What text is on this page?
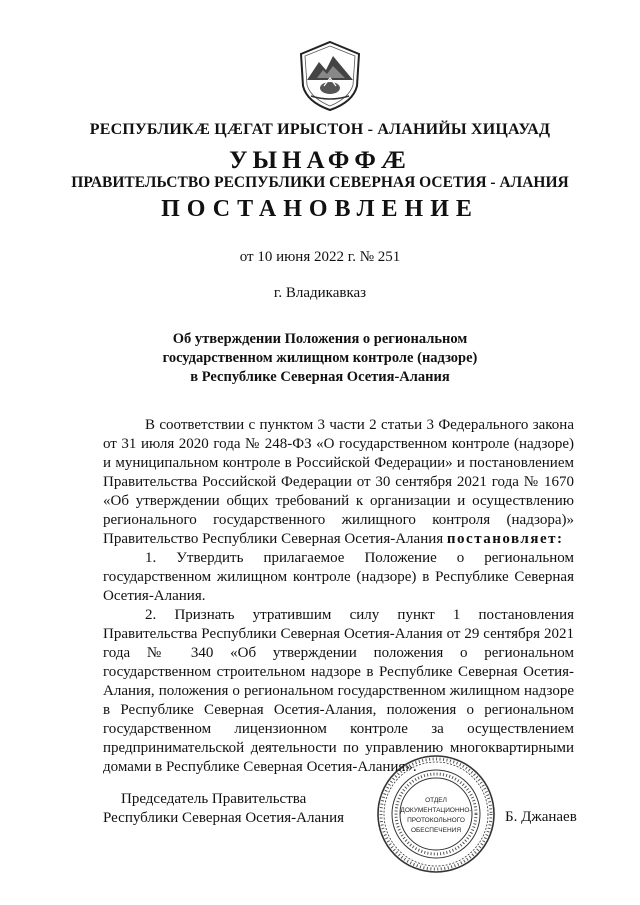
РЕСПУБЛИКӔ ЦӔГАТ ИРЫСТОН - АЛАНИЙЫ ХИЦАУАД
УЫНАФФӔ
ПРАВИТЕЛЬСТВО РЕСПУБЛИКИ СЕВЕРНАЯ ОСЕТИЯ - АЛАНИЯ
ПОСТАНОВЛЕНИЕ
от 10 июня 2022 г. № 251
г. Владикавказ
Об утверждении Положения о региональном
государственном жилищном контроле (надзоре)
в Республике Северная Осетия-Алания

В соответствии с пунктом 3 части 2 статьи 3 Федерального закона от 31 июля 2020 года № 248-ФЗ «О государственном контроле (надзоре) и муниципальном контроле в Российской Федерации» и постановлением Правительства Российской Федерации от 30 сентября 2021 года № 1670 «Об утверждении общих требований к организации и осуществлению регионального государственного жилищного контроля (надзора)» Правительство Республики Северная Осетия-Алания постановляет:

1. Утвердить прилагаемое Положение о региональном государственном жилищном контроле (надзоре) в Республике Северная Осетия-Алания.

2. Признать утратившим силу пункт 1 постановления Правительства Республики Северная Осетия-Алания от 29 сентября 2021 года № 340 «Об утверждении положения о региональном государственном строительном надзоре в Республике Северная Осетия-Алания, положения о региональном государственном жилищном надзоре в Республике Северная Осетия-Алания, положения о региональном государственном лицензионном контроле за осуществлением предпринимательской деятельности по управлению многоквартирными домами в Республике Северная Осетия-Алания».

Председатель Правительства
Республики Северная Осетия-Алания
ОТДЕЛ
ДОКУМЕНТАЦИОННО-
ПРОТОКОЛЬНОГО
ОБЕСПЕЧЕНИЯ
Б. Джанаев
